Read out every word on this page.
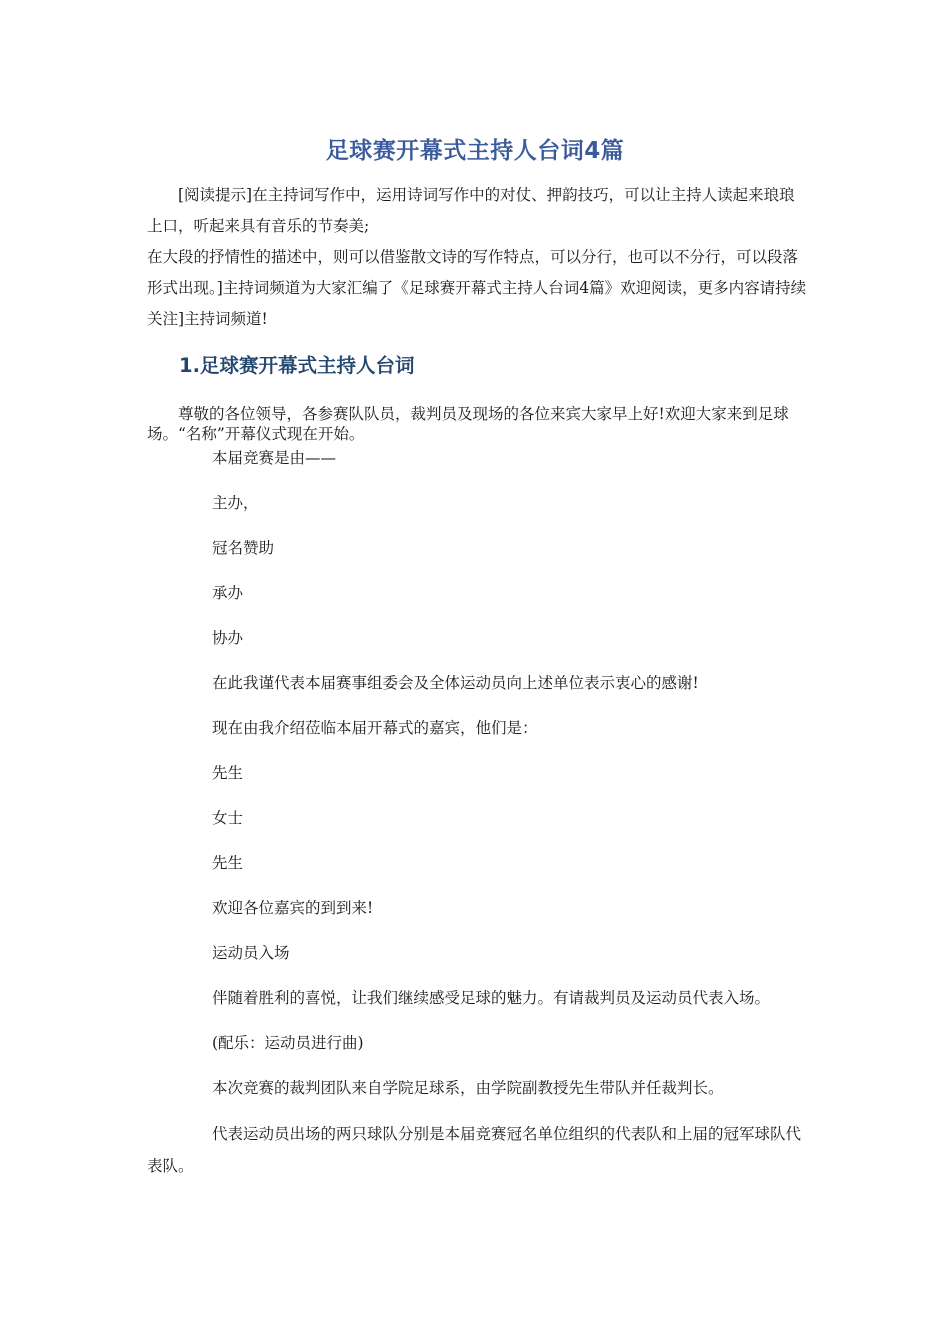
足球赛开幕式主持人台词4篇

[阅读提示]在主持词写作中，运用诗词写作中的对仗、押韵技巧，可以让主持人读起来琅琅上口，听起来具有音乐的节奏美;

在大段的抒情性的描述中，则可以借鉴散文诗的写作特点，可以分行，也可以不分行，可以段落形式出现。]主持词频道为大家汇编了《足球赛开幕式主持人台词4篇》欢迎阅读，更多内容请持续关注]主持词频道!

1.足球赛开幕式主持人台词

尊敬的各位领导，各参赛队队员，裁判员及现场的各位来宾大家早上好!欢迎大家来到足球场。“名称”开幕仪式现在开始。

本届竞赛是由——

主办，

冠名赞助

承办

协办

在此我谨代表本届赛事组委会及全体运动员向上述单位表示衷心的感谢!

现在由我介绍莅临本届开幕式的嘉宾，他们是：

先生

女士

先生

欢迎各位嘉宾的到到来!

运动员入场

伴随着胜利的喜悦，让我们继续感受足球的魅力。有请裁判员及运动员代表入场。

(配乐：运动员进行曲)

本次竞赛的裁判团队来自学院足球系，由学院副教授先生带队并任裁判长。

代表运动员出场的两只球队分别是本届竞赛冠名单位组织的代表队和上届的冠军球队代表队。
